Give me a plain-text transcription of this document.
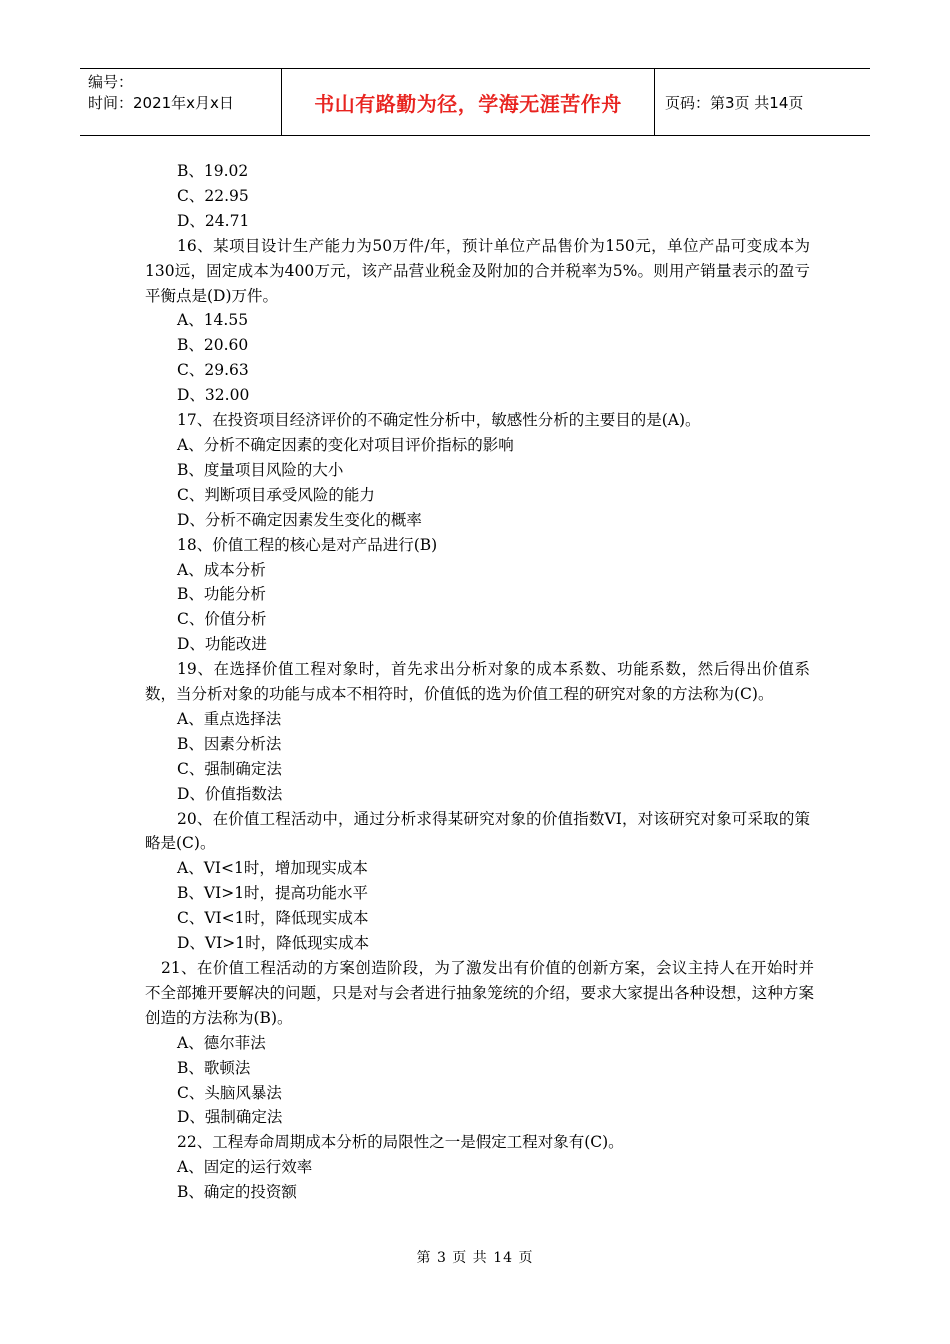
编号：
时间：2021年x月x日	书山有路勤为径，学海无涯苦作舟	页码：第3页 共14页

B、19.02

C、22.95

D、24.71

16、某项目设计生产能力为50万件/年，预计单位产品售价为150元，单位产品可变成本为130远，固定成本为400万元，该产品营业税金及附加的合并税率为5%。则用产销量表示的盈亏平衡点是(D)万件。

A、14.55

B、20.60

C、29.63

D、32.00

17、在投资项目经济评价的不确定性分析中，敏感性分析的主要目的是(A)。

A、分析不确定因素的变化对项目评价指标的影响

B、度量项目风险的大小

C、判断项目承受风险的能力

D、分析不确定因素发生变化的概率

18、价值工程的核心是对产品进行(B)

A、成本分析

B、功能分析

C、价值分析

D、功能改进

19、在选择价值工程对象时，首先求出分析对象的成本系数、功能系数，然后得出价值系数，当分析对象的功能与成本不相符时，价值低的选为价值工程的研究对象的方法称为(C)。

A、重点选择法

B、因素分析法

C、强制确定法

D、价值指数法

20、在价值工程活动中，通过分析求得某研究对象的价值指数VI，对该研究对象可采取的策略是(C)。

A、VI<1时，增加现实成本

B、VI>1时，提高功能水平

C、VI<1时，降低现实成本

D、VI>1时，降低现实成本

21、在价值工程活动的方案创造阶段，为了激发出有价值的创新方案，会议主持人在开始时并不全部摊开要解决的问题，只是对与会者进行抽象笼统的介绍，要求大家提出各种设想，这种方案创造的方法称为(B)。

A、德尔菲法

B、歌顿法

C、头脑风暴法

D、强制确定法

22、工程寿命周期成本分析的局限性之一是假定工程对象有(C)。

A、固定的运行效率

B、确定的投资额

第 3 页 共 14 页
